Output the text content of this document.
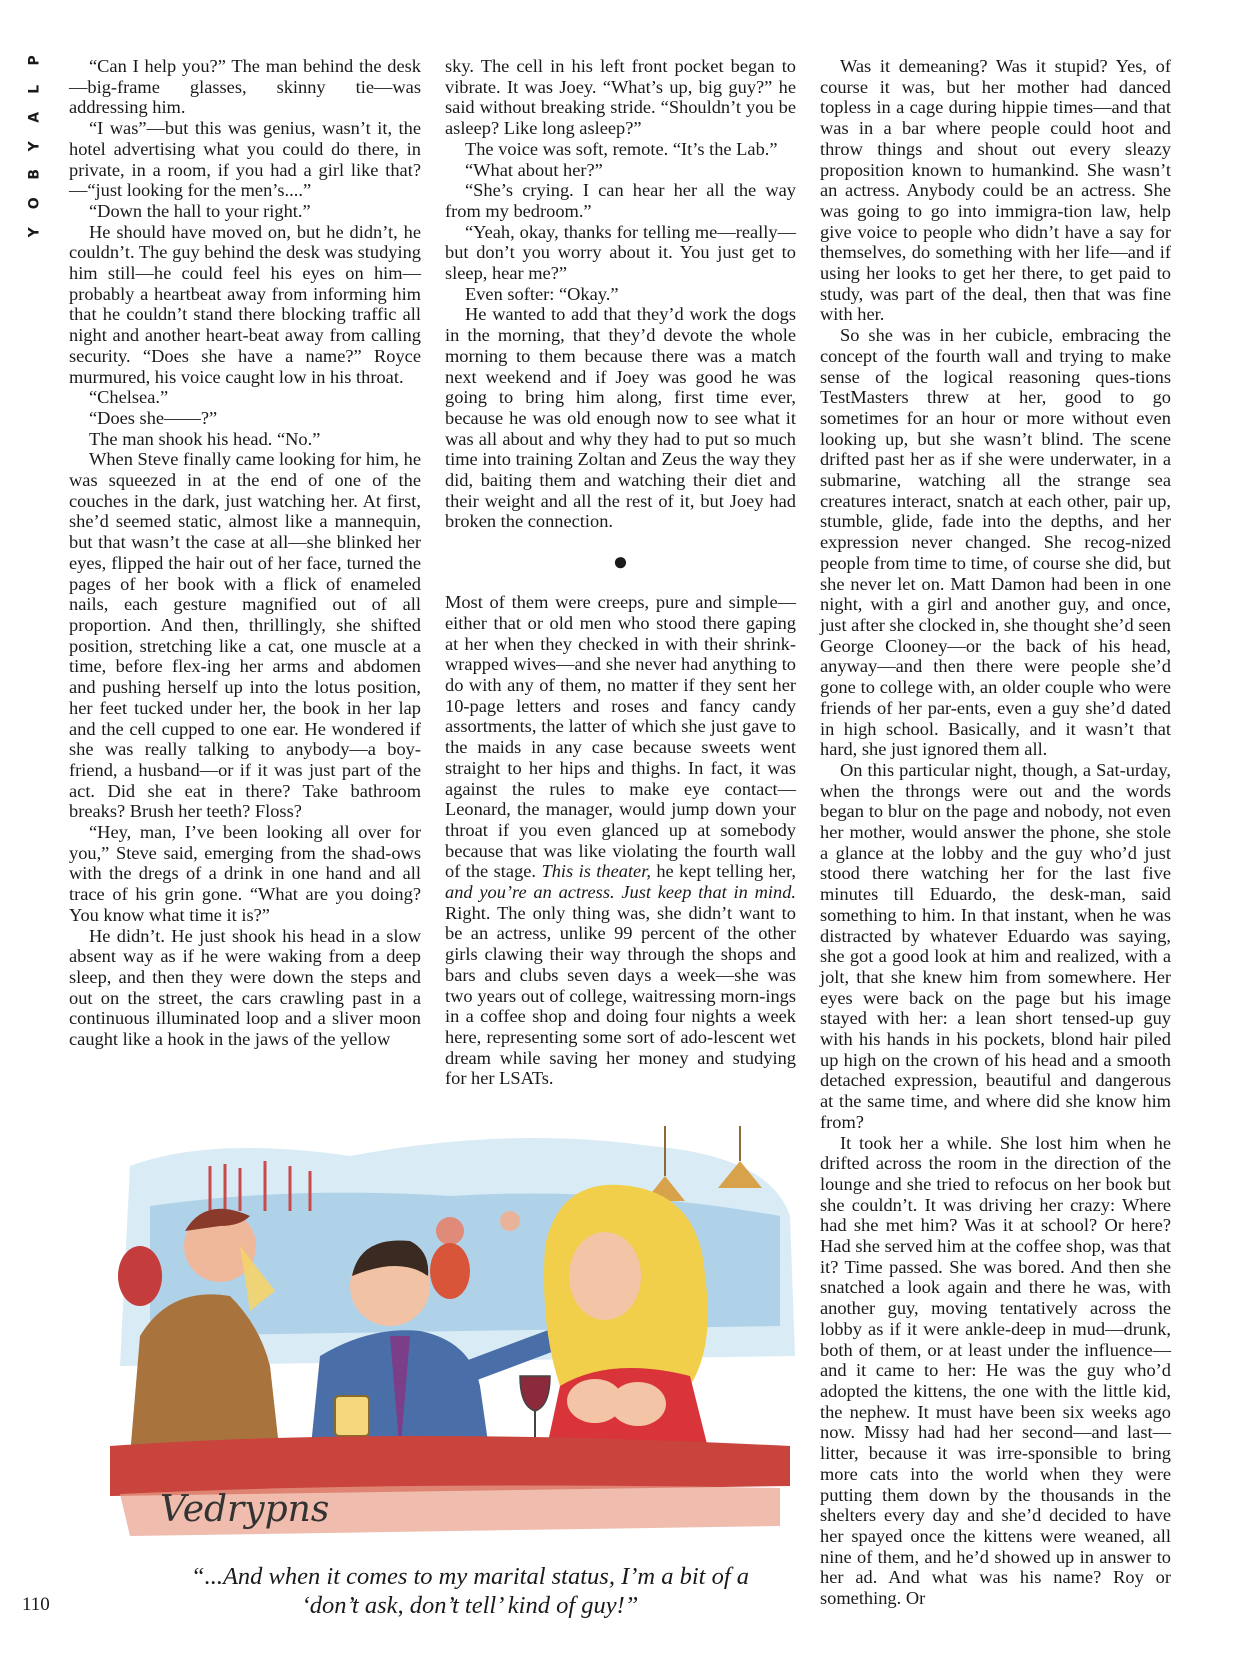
P
L
A
Y
B
O
Y

“Can I help you?” The man behind the desk—big-frame glasses, skinny tie—was addressing him.

“I was”—but this was genius, wasn’t it, the hotel advertising what you could do there, in private, in a room, if you had a girl like that?—“just looking for the men’s....”

“Down the hall to your right.”

He should have moved on, but he didn’t, he couldn’t. The guy behind the desk was studying him still—he could feel his eyes on him—probably a heartbeat away from informing him that he couldn’t stand there blocking traffic all night and another heart-beat away from calling security. “Does she have a name?” Royce murmured, his voice caught low in his throat.

“Chelsea.”

“Does she——?”

The man shook his head. “No.”

When Steve finally came looking for him, he was squeezed in at the end of one of the couches in the dark, just watching her. At first, she’d seemed static, almost like a mannequin, but that wasn’t the case at all—she blinked her eyes, flipped the hair out of her face, turned the pages of her book with a flick of enameled nails, each gesture magnified out of all proportion. And then, thrillingly, she shifted position, stretching like a cat, one muscle at a time, before flex-ing her arms and abdomen and pushing herself up into the lotus position, her feet tucked under her, the book in her lap and the cell cupped to one ear. He wondered if she was really talking to anybody—a boy-friend, a husband—or if it was just part of the act. Did she eat in there? Take bathroom breaks? Brush her teeth? Floss?

“Hey, man, I’ve been looking all over for you,” Steve said, emerging from the shad-ows with the dregs of a drink in one hand and all trace of his grin gone. “What are you doing? You know what time it is?”

He didn’t. He just shook his head in a slow absent way as if he were waking from a deep sleep, and then they were down the steps and out on the street, the cars crawling past in a continuous illuminated loop and a sliver moon caught like a hook in the jaws of the yellow

sky. The cell in his left front pocket began to vibrate. It was Joey. “What’s up, big guy?” he said without breaking stride. “Shouldn’t you be asleep? Like long asleep?”

The voice was soft, remote. “It’s the Lab.”

“What about her?”

“She’s crying. I can hear her all the way from my bedroom.”

“Yeah, okay, thanks for telling me—really—but don’t you worry about it. You just get to sleep, hear me?”

Even softer: “Okay.”

He wanted to add that they’d work the dogs in the morning, that they’d devote the whole morning to them because there was a match next weekend and if Joey was good he was going to bring him along, first time ever, because he was old enough now to see what it was all about and why they had to put so much time into training Zoltan and Zeus the way they did, baiting them and watching their diet and their weight and all the rest of it, but Joey had broken the connection.

●

Most of them were creeps, pure and simple—either that or old men who stood there gaping at her when they checked in with their shrink-wrapped wives—and she never had anything to do with any of them, no matter if they sent her 10-page letters and roses and fancy candy assortments, the latter of which she just gave to the maids in any case because sweets went straight to her hips and thighs. In fact, it was against the rules to make eye contact—Leonard, the manager, would jump down your throat if you even glanced up at somebody because that was like violating the fourth wall of the stage. This is theater, he kept telling her, and you’re an actress. Just keep that in mind. Right. The only thing was, she didn’t want to be an actress, unlike 99 percent of the other girls clawing their way through the shops and bars and clubs seven days a week—she was two years out of college, waitressing morn-ings in a coffee shop and doing four nights a week here, representing some sort of ado-lescent wet dream while saving her money and studying for her LSATs.

Was it demeaning? Was it stupid? Yes, of course it was, but her mother had danced topless in a cage during hippie times—and that was in a bar where people could hoot and throw things and shout out every sleazy proposition known to humankind. She wasn’t an actress. Anybody could be an actress. She was going to go into immigra-tion law, help give voice to people who didn’t have a say for themselves, do something with her life—and if using her looks to get her there, to get paid to study, was part of the deal, then that was fine with her.

So she was in her cubicle, embracing the concept of the fourth wall and trying to make sense of the logical reasoning ques-tions TestMasters threw at her, good to go sometimes for an hour or more without even looking up, but she wasn’t blind. The scene drifted past her as if she were underwater, in a submarine, watching all the strange sea creatures interact, snatch at each other, pair up, stumble, glide, fade into the depths, and her expression never changed. She recog-nized people from time to time, of course she did, but she never let on. Matt Damon had been in one night, with a girl and another guy, and once, just after she clocked in, she thought she’d seen George Clooney—or the back of his head, anyway—and then there were people she’d gone to college with, an older couple who were friends of her par-ents, even a guy she’d dated in high school. Basically, and it wasn’t that hard, she just ignored them all.

On this particular night, though, a Sat-urday, when the throngs were out and the words began to blur on the page and nobody, not even her mother, would answer the phone, she stole a glance at the lobby and the guy who’d just stood there watching her for the last five minutes till Eduardo, the desk-man, said something to him. In that instant, when he was distracted by whatever Eduardo was saying, she got a good look at him and realized, with a jolt, that she knew him from somewhere. Her eyes were back on the page but his image stayed with her: a lean short tensed-up guy with his hands in his pockets, blond hair piled up high on the crown of his head and a smooth detached expression, beautiful and dangerous at the same time, and where did she know him from?

It took her a while. She lost him when he drifted across the room in the direction of the lounge and she tried to refocus on her book but she couldn’t. It was driving her crazy: Where had she met him? Was it at school? Or here? Had she served him at the coffee shop, was that it? Time passed. She was bored. And then she snatched a look again and there he was, with another guy, moving tentatively across the lobby as if it were ankle-deep in mud—drunk, both of them, or at least under the influence—and it came to her: He was the guy who’d adopted the kittens, the one with the little kid, the nephew. It must have been six weeks ago now. Missy had had her second—and last—litter, because it was irre-sponsible to bring more cats into the world when they were putting them down by the thousands in the shelters every day and she’d decided to have her spayed once the kittens were weaned, all nine of them, and he’d showed up in answer to her ad. And what was his name? Roy or something. Or

Vedrypns
“...And when it comes to my marital status, I’m a bit of a
‘don’t ask, don’t tell’ kind of guy!”
110
